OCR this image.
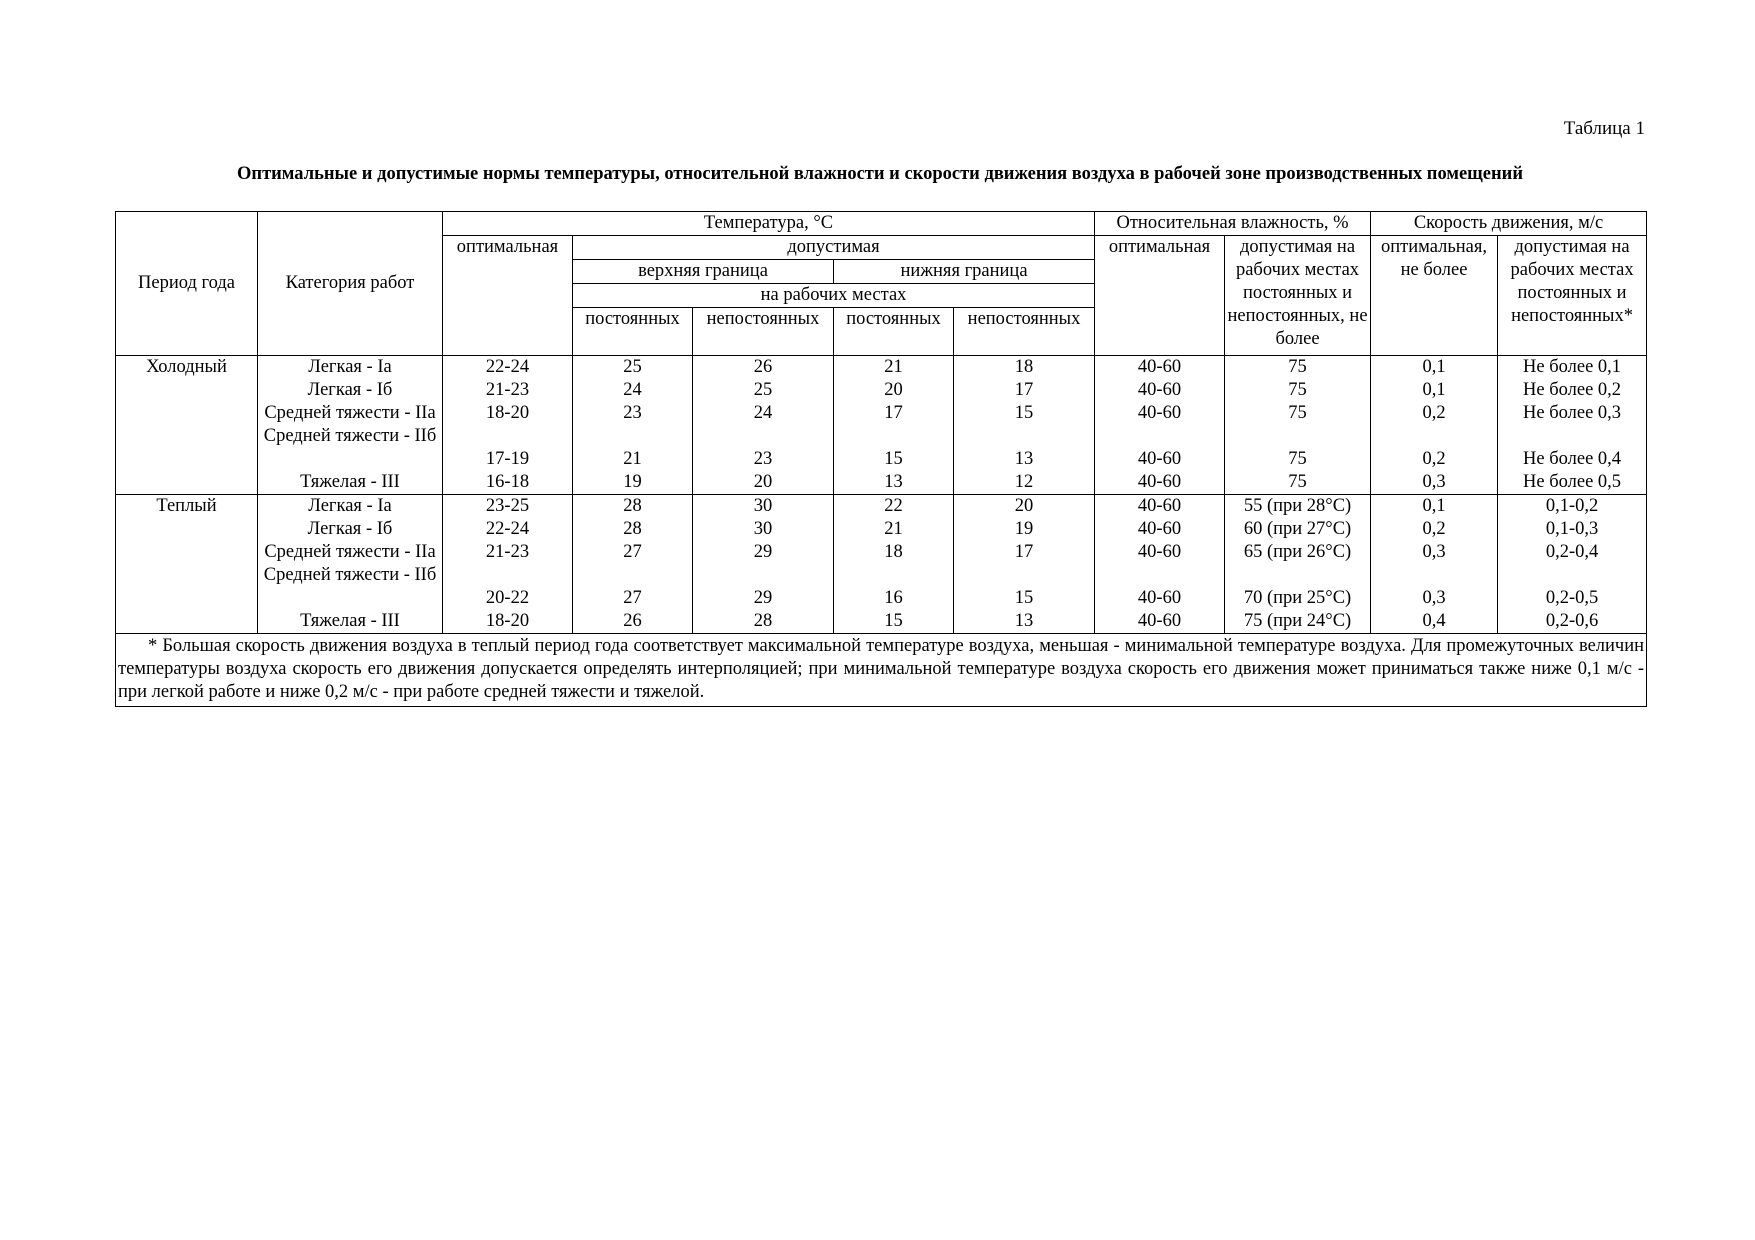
Таблица 1
Оптимальные и допустимые нормы температуры, относительной влажности и скорости движения воздуха в рабочей зоне производственных помещений
Период года	Категория работ	Температура, °С					Относительная влажность, %		Скорость движения, м/с	
		оптимальная	допустимая				оптимальная	допустимая на рабочих местах постоянных и непостоянных, не более	оптимальная, не более	допустимая на рабочих местах постоянных и непостоянных*
			верхняя граница		нижняя граница					
			на рабочих местах							
			постоянных	непостоянных	постоянных	непостоянных				
Холодный	Легкая - Iа	22-24	25	26	21	18	40-60	75	0,1	Не более 0,1
	Легкая - Iб	21-23	24	25	20	17	40-60	75	0,1	Не более 0,2
	Средней тяжести - IIа	18-20	23	24	17	15	40-60	75	0,2	Не более 0,3
	Средней тяжести - IIб	17-19	21	23	15	13	40-60	75	0,2	Не более 0,4
	Тяжелая - III	16-18	19	20	13	12	40-60	75	0,3	Не более 0,5
Теплый	Легкая - Iа	23-25	28	30	22	20	40-60	55 (при 28°С)	0,1	0,1-0,2
	Легкая - Iб	22-24	28	30	21	19	40-60	60 (при 27°С)	0,2	0,1-0,3
	Средней тяжести - IIа	21-23	27	29	18	17	40-60	65 (при 26°С)	0,3	0,2-0,4
	Средней тяжести - IIб	20-22	27	29	16	15	40-60	70 (при 25°С)	0,3	0,2-0,5
	Тяжелая - III	18-20	26	28	15	13	40-60	75 (при 24°С)	0,4	0,2-0,6
* Большая скорость движения воздуха в теплый период года соответствует максимальной температуре воздуха, меньшая - минимальной температуре воздуха. Для промежуточных величин температуры воздуха скорость его движения допускается определять интерполяцией; при минимальной температуре воздуха скорость его движения может приниматься также ниже 0,1 м/с - при легкой работе и ниже 0,2 м/с - при работе средней тяжести и тяжелой.										
